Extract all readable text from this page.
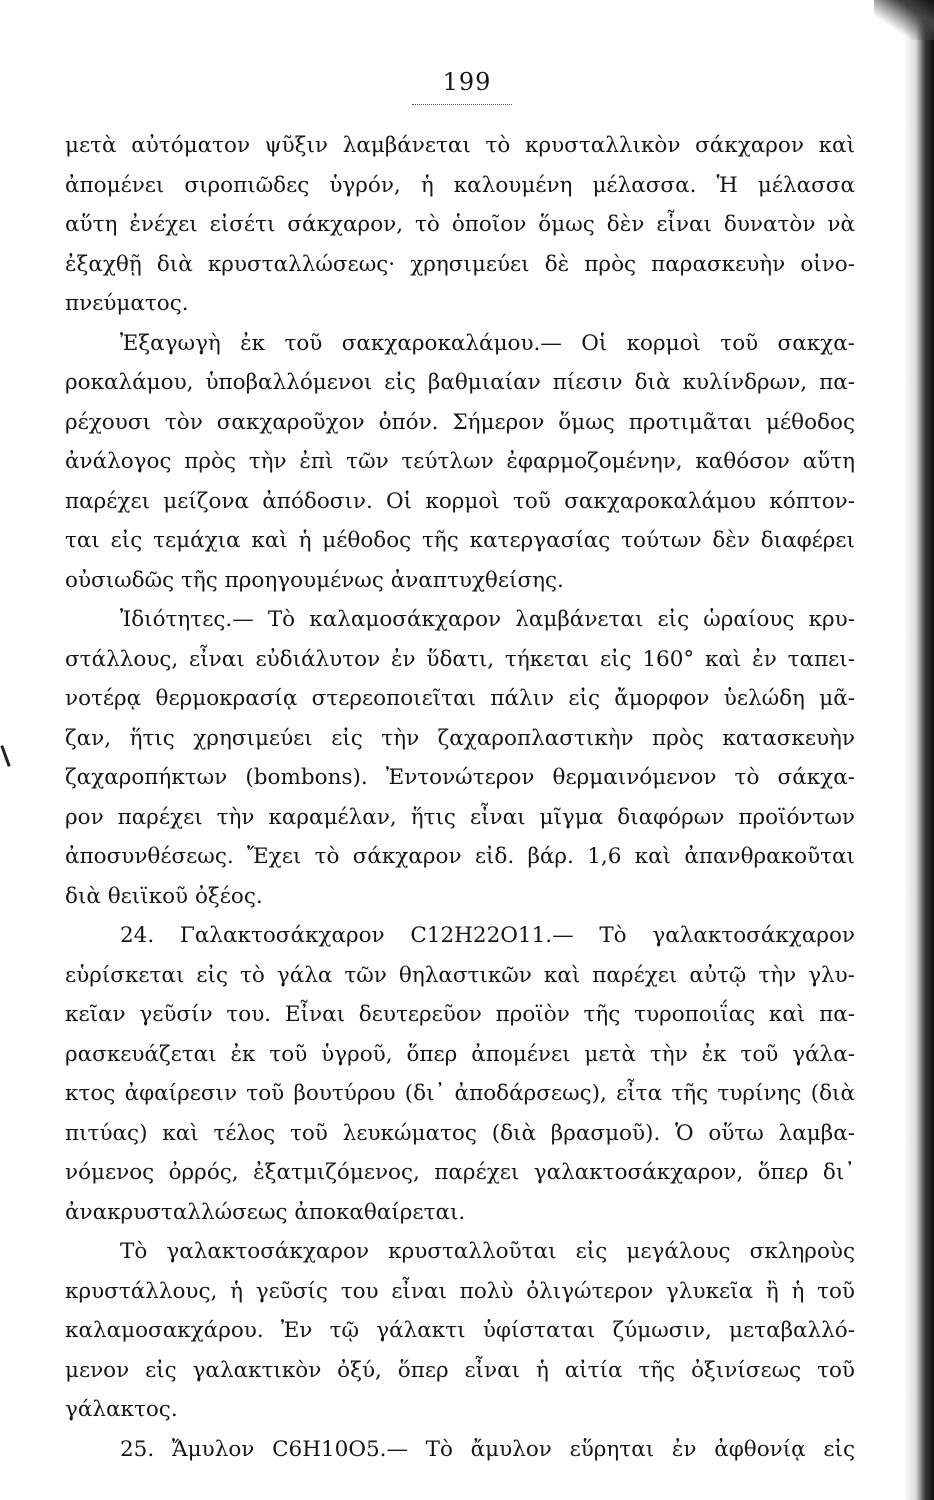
199
μετὰ αὐτόματον ψῦξιν λαμβάνεται τὸ κρυσταλλικὸν σάκχαρον καὶ
ἀπομένει σιροπιῶδες ὑγρόν, ἡ καλουμένη μέλασσα. Ἡ μέλασσα
αὕτη ἐνέχει εἰσέτι σάκχαρον, τὸ ὁποῖον ὅμως δὲν εἶναι δυνατὸν νὰ
ἐξαχθῇ διὰ κρυσταλλώσεως· χρησιμεύει δὲ πρὸς παρασκευὴν οἰνο-
πνεύματος.
Ἐξαγωγὴ ἐκ τοῦ σακχαροκαλάμου.— Οἱ κορμοὶ τοῦ σακχα-
ροκαλάμου, ὑποβαλλόμενοι εἰς βαθμιαίαν πίεσιν διὰ κυλίνδρων, πα-
ρέχουσι τὸν σακχαροῦχον ὀπόν. Σήμερον ὅμως προτιμᾶται μέθοδος
ἀνάλογος πρὸς τὴν ἐπὶ τῶν τεύτλων ἐφαρμοζομένην, καθόσον αὕτη
παρέχει μείζονα ἀπόδοσιν. Οἱ κορμοὶ τοῦ σακχαροκαλάμου κόπτον-
ται εἰς τεμάχια καὶ ἡ μέθοδος τῆς κατεργασίας τούτων δὲν διαφέρει
οὐσιωδῶς τῆς προηγουμένως ἀναπτυχθείσης.
Ἰδιότητες.— Τὸ καλαμοσάκχαρον λαμβάνεται εἰς ὡραίους κρυ-
στάλλους, εἶναι εὐδιάλυτον ἐν ὕδατι, τήκεται εἰς 160° καὶ ἐν ταπει-
νοτέρᾳ θερμοκρασίᾳ στερεοποιεῖται πάλιν εἰς ἄμορφον ὑελώδη μᾶ-
ζαν, ἥτις χρησιμεύει εἰς τὴν ζαχαροπλαστικὴν πρὸς κατασκευὴν
ζαχαροπήκτων (bombons). Ἐντονώτερον θερμαινόμενον τὸ σάκχα-
ρον παρέχει τὴν καραμέλαν, ἥτις εἶναι μῖγμα διαφόρων προϊόντων
ἀποσυνθέσεως. Ἔχει τὸ σάκχαρον εἰδ. βάρ. 1,6 καὶ ἀπανθρακοῦται
διὰ θειϊκοῦ ὀξέος.
24. Γαλακτοσάκχαρον C12H22O11.— Τὸ γαλακτοσάκχαρον
εὑρίσκεται εἰς τὸ γάλα τῶν θηλαστικῶν καὶ παρέχει αὐτῷ τὴν γλυ-
κεῖαν γεῦσίν του. Εἶναι δευτερεῦον προϊὸν τῆς τυροποιΐας καὶ πα-
ρασκευάζεται ἐκ τοῦ ὑγροῦ, ὅπερ ἀπομένει μετὰ τὴν ἐκ τοῦ γάλα-
κτος ἀφαίρεσιν τοῦ βουτύρου (δι᾽ ἀποδάρσεως), εἶτα τῆς τυρίνης (διὰ
πιτύας) καὶ τέλος τοῦ λευκώματος (διὰ βρασμοῦ). Ὁ οὕτω λαμβα-
νόμενος ὀρρός, ἐξατμιζόμενος, παρέχει γαλακτοσάκχαρον, ὅπερ δι᾽
ἀνακρυσταλλώσεως ἀποκαθαίρεται.
Τὸ γαλακτοσάκχαρον κρυσταλλοῦται εἰς μεγάλους σκληροὺς
κρυστάλλους, ἡ γεῦσίς του εἶναι πολὺ ὀλιγώτερον γλυκεῖα ἢ ἡ τοῦ
καλαμοσακχάρου. Ἐν τῷ γάλακτι ὑφίσταται ζύμωσιν, μεταβαλλό-
μενον εἰς γαλακτικὸν ὀξύ, ὅπερ εἶναι ἡ αἰτία τῆς ὀξινίσεως τοῦ
γάλακτος.
25. Ἄμυλον C6H10O5.— Τὸ ἄμυλον εὕρηται ἐν ἀφθονίᾳ εἰς
